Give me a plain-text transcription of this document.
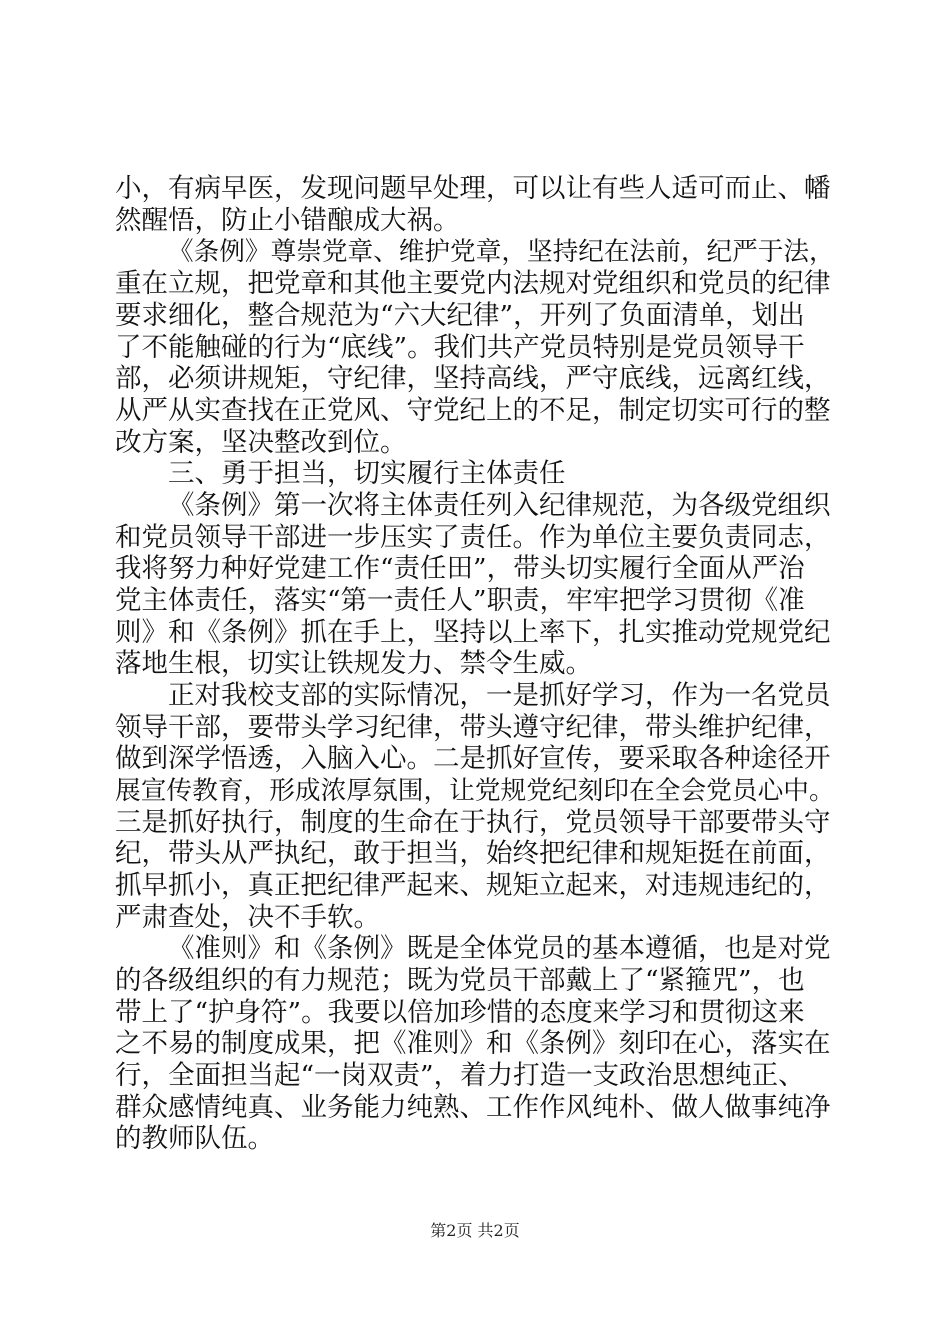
小，有病早医，发现问题早处理，可以让有些人适可而止、幡
然醒悟，防止小错酿成大祸。
《条例》尊崇党章、维护党章，坚持纪在法前，纪严于法，
重在立规，把党章和其他主要党内法规对党组织和党员的纪律
要求细化，整合规范为“六大纪律”，开列了负面清单，划出
了不能触碰的行为“底线”。我们共产党员特别是党员领导干
部，必须讲规矩，守纪律，坚持高线，严守底线，远离红线，
从严从实查找在正党风、守党纪上的不足，制定切实可行的整
改方案，坚决整改到位。
三、勇于担当，切实履行主体责任
《条例》第一次将主体责任列入纪律规范，为各级党组织
和党员领导干部进一步压实了责任。作为单位主要负责同志，
我将努力种好党建工作“责任田”，带头切实履行全面从严治
党主体责任，落实“第一责任人”职责，牢牢把学习贯彻《准
则》和《条例》抓在手上，坚持以上率下，扎实推动党规党纪
落地生根，切实让铁规发力、禁令生威。
正对我校支部的实际情况，一是抓好学习，作为一名党员
领导干部，要带头学习纪律，带头遵守纪律，带头维护纪律，
做到深学悟透，入脑入心。二是抓好宣传，要采取各种途径开
展宣传教育，形成浓厚氛围，让党规党纪刻印在全会党员心中。
三是抓好执行，制度的生命在于执行，党员领导干部要带头守
纪，带头从严执纪，敢于担当，始终把纪律和规矩挺在前面，
抓早抓小，真正把纪律严起来、规矩立起来，对违规违纪的，
严肃查处，决不手软。
《准则》和《条例》既是全体党员的基本遵循，也是对党
的各级组织的有力规范；既为党员干部戴上了“紧箍咒”，也
带上了“护身符”。我要以倍加珍惜的态度来学习和贯彻这来
之不易的制度成果，把《准则》和《条例》刻印在心，落实在
行，全面担当起“一岗双责”，着力打造一支政治思想纯正、
群众感情纯真、业务能力纯熟、工作作风纯朴、做人做事纯净
的教师队伍。
第2页 共2页
